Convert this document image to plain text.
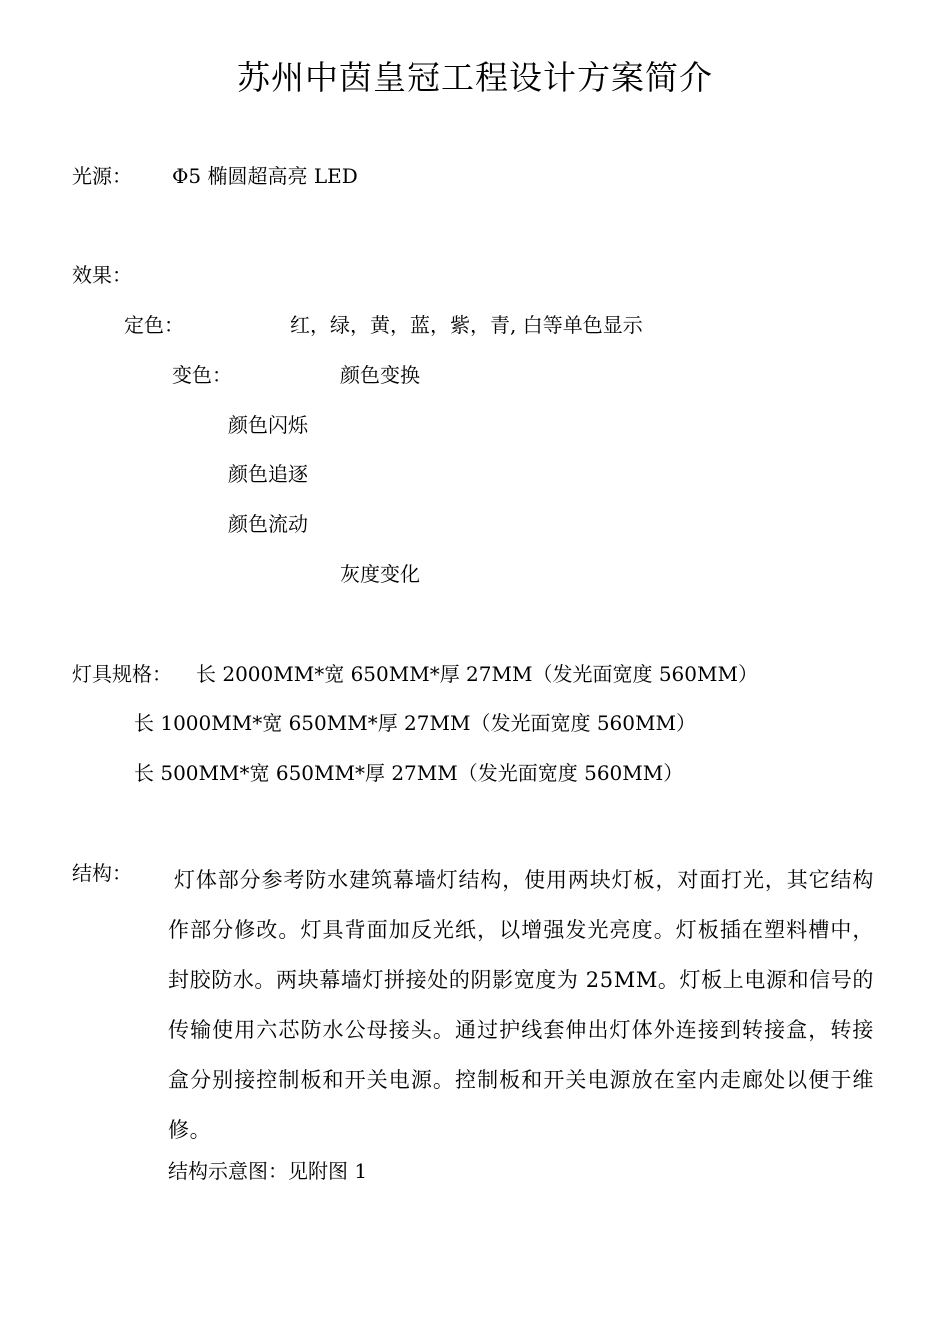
苏州中茵皇冠工程设计方案简介
光源： Φ5 椭圆超高亮 LED
效果：
定色：	红，绿，黄，蓝，紫，青, 白等单色显示
变色：	颜色变换
颜色闪烁
颜色追逐
颜色流动
灰度变化
灯具规格： 长 2000MM*宽 650MM*厚 27MM（发光面宽度 560MM）
长 1000MM*宽 650MM*厚 27MM（发光面宽度 560MM）
长 500MM*宽 650MM*厚 27MM（发光面宽度 560MM）
结构： 灯体部分参考防水建筑幕墙灯结构，使用两块灯板，对面打光，其它结构作部分修改。灯具背面加反光纸，以增强发光亮度。灯板插在塑料槽中，封胶防水。两块幕墙灯拼接处的阴影宽度为 25MM。灯板上电源和信号的传输使用六芯防水公母接头。通过护线套伸出灯体外连接到转接盒，转接盒分别接控制板和开关电源。控制板和开关电源放在室内走廊处以便于维修。
结构示意图：见附图 1
